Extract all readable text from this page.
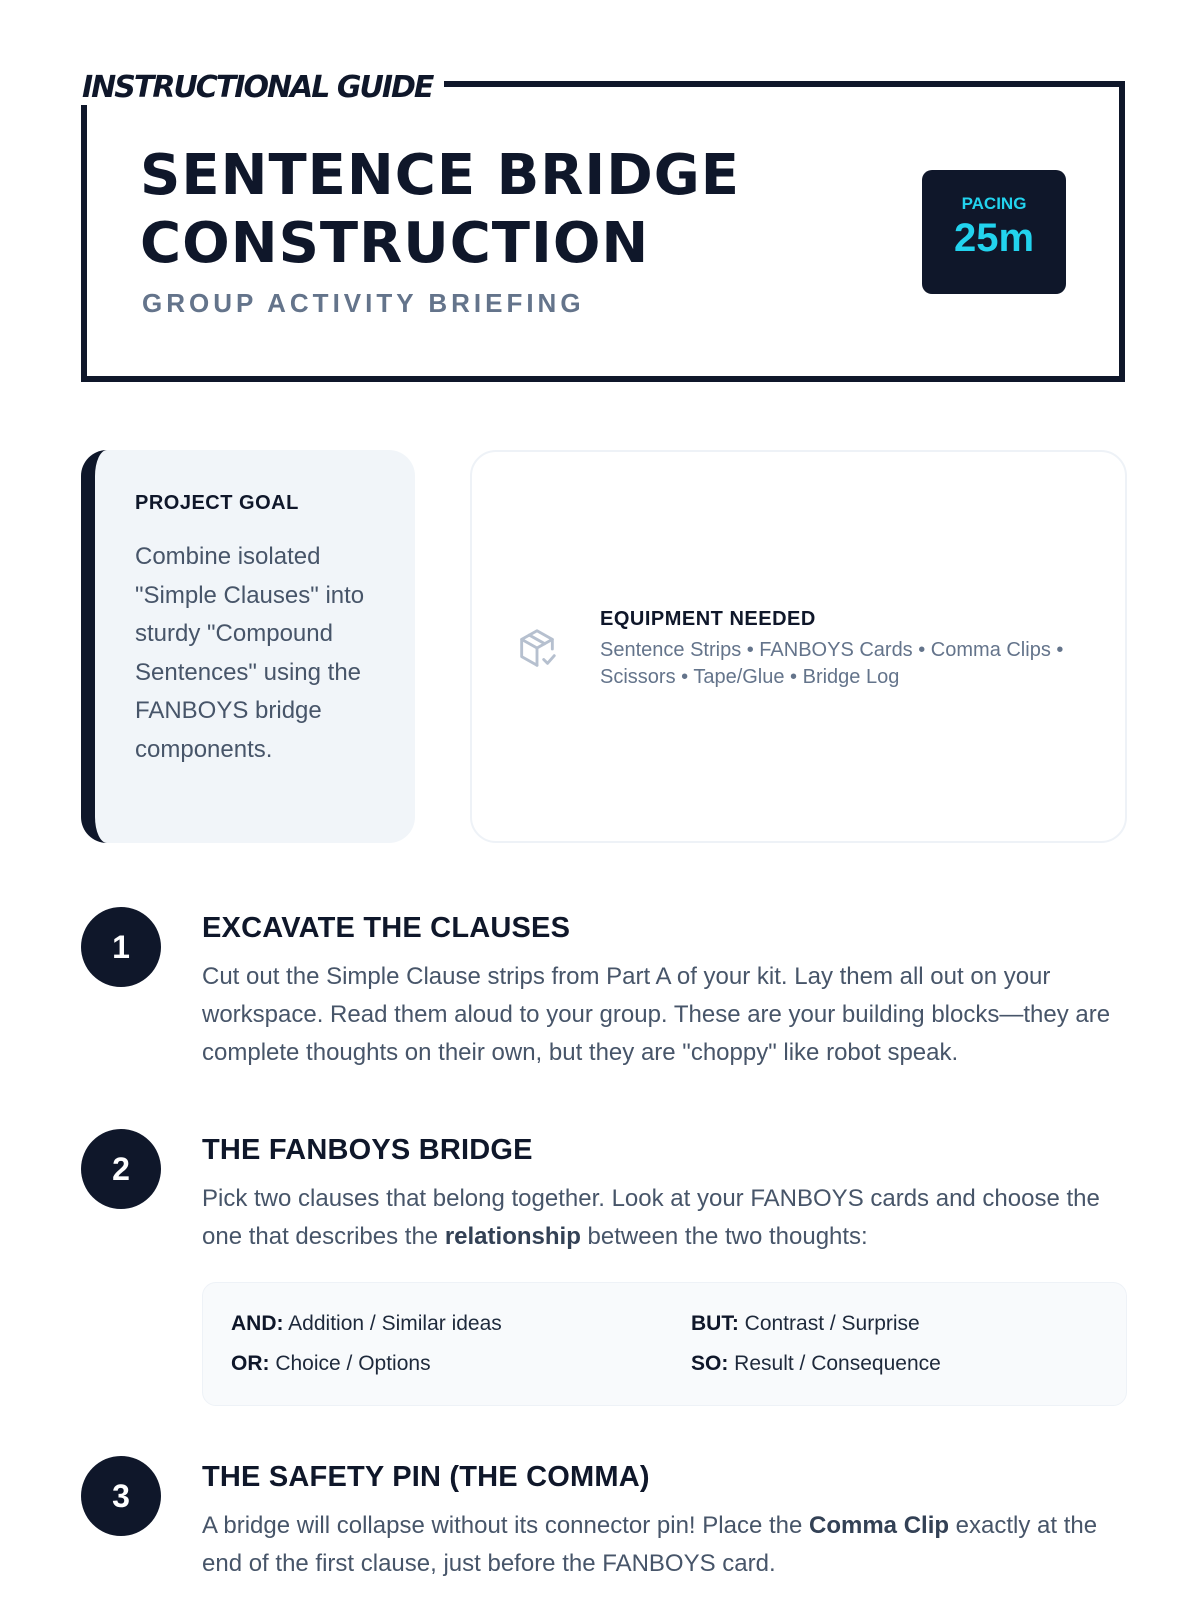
INSTRUCTIONAL GUIDE
SENTENCE BRIDGE
CONSTRUCTION
GROUP ACTIVITY BRIEFING
PACING
25m
PROJECT GOAL
Combine isolated "Simple Clauses" into sturdy "Compound Sentences" using the FANBOYS bridge components.
EQUIPMENT NEEDED
Sentence Strips • FANBOYS Cards • Comma Clips • Scissors • Tape/Glue • Bridge Log
1
EXCAVATE THE CLAUSES
Cut out the Simple Clause strips from Part A of your kit. Lay them all out on your workspace. Read them aloud to your group. These are your building blocks—they are complete thoughts on their own, but they are "choppy" like robot speak.
2
THE FANBOYS BRIDGE
Pick two clauses that belong together. Look at your FANBOYS cards and choose the one that describes the relationship between the two thoughts:
AND: Addition / Similar ideas	BUT: Contrast / Surprise
OR: Choice / Options	SO: Result / Consequence
3
THE SAFETY PIN (THE COMMA)
A bridge will collapse without its connector pin! Place the Comma Clip exactly at the end of the first clause, just before the FANBOYS card.
